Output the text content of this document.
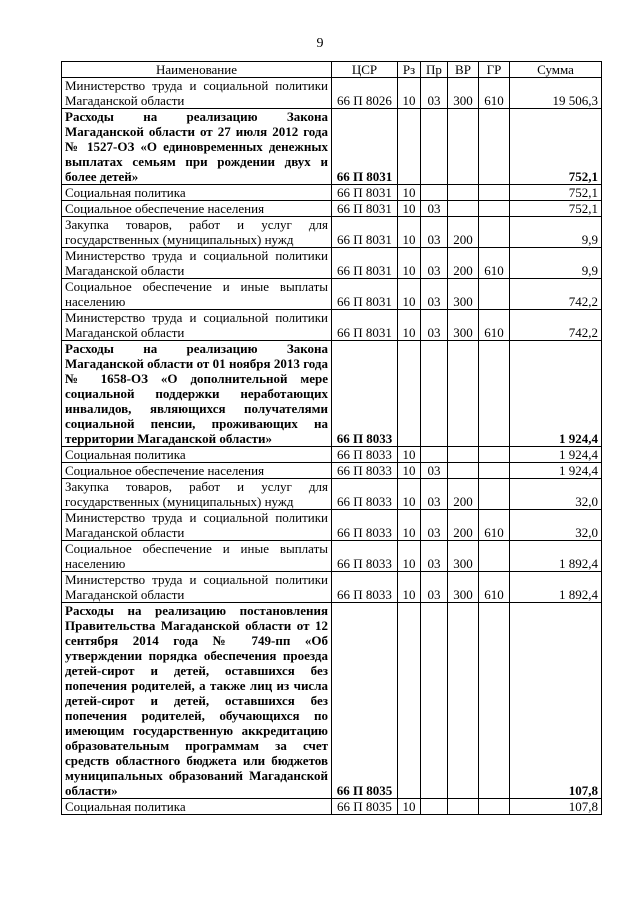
9
Наименование	ЦСР	Рз	Пр	ВР	ГР	Сумма
Министерство труда и социальной политики Магаданской области	66 П 8026	10	03	300	610	19 506,3
Расходы на реализацию Закона Магаданской области от 27 июля 2012 года № 1527-ОЗ «О единовременных денежных выплатах семьям при рождении двух и более детей»	66 П 8031					752,1
Социальная политика	66 П 8031	10				752,1
Социальное обеспечение населения	66 П 8031	10	03			752,1
Закупка товаров, работ и услуг для государственных (муниципальных) нужд	66 П 8031	10	03	200		9,9
Министерство труда и социальной политики Магаданской области	66 П 8031	10	03	200	610	9,9
Социальное обеспечение и иные выплаты населению	66 П 8031	10	03	300		742,2
Министерство труда и социальной политики Магаданской области	66 П 8031	10	03	300	610	742,2
Расходы на реализацию Закона Магаданской области от 01 ноября 2013 года № 1658-ОЗ «О дополнительной мере социальной поддержки неработающих инвалидов, являющихся получателями социальной пенсии, проживающих на территории Магаданской области»	66 П 8033					1 924,4
Социальная политика	66 П 8033	10				1 924,4
Социальное обеспечение населения	66 П 8033	10	03			1 924,4
Закупка товаров, работ и услуг для государственных (муниципальных) нужд	66 П 8033	10	03	200		32,0
Министерство труда и социальной политики Магаданской области	66 П 8033	10	03	200	610	32,0
Социальное обеспечение и иные выплаты населению	66 П 8033	10	03	300		1 892,4
Министерство труда и социальной политики Магаданской области	66 П 8033	10	03	300	610	1 892,4
Расходы на реализацию постановления Правительства Магаданской области от 12 сентября 2014 года № 749-пп «Об утверждении порядка обеспечения проезда детей-сирот и детей, оставшихся без попечения родителей, а также лиц из числа детей-сирот и детей, оставшихся без попечения родителей, обучающихся по имеющим государственную аккредитацию образовательным программам за счет средств областного бюджета или бюджетов муниципальных образований Магаданской области»	66 П 8035					107,8
Социальная политика	66 П 8035	10				107,8
